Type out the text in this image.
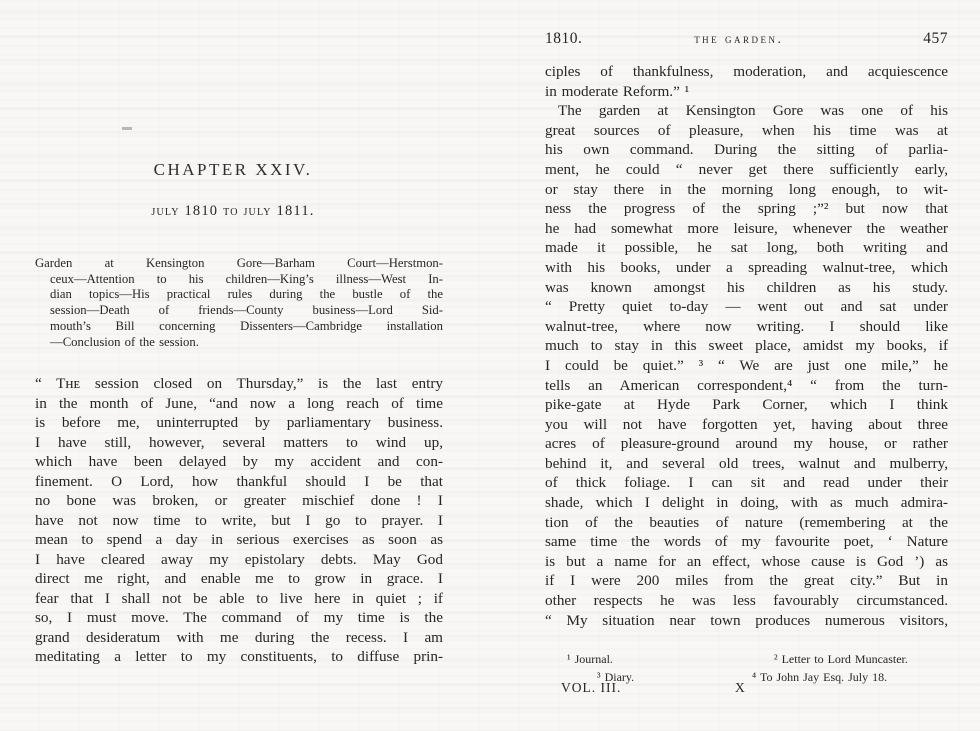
CHAPTER XXIV.
july 1810 to july 1811.
Garden at Kensington Gore—Barham Court—Herstmon-
ceux—Attention to his children—King’s illness—West In-
dian topics—His practical rules during the bustle of the
session—Death of friends—County business—Lord Sid-
mouth’s Bill concerning Dissenters—Cambridge installation
—Conclusion of the session.
“ Tʜᴇ session closed on Thursday,” is the last entry
in the month of June, “and now a long reach of time
is before me, uninterrupted by parliamentary business.
I have still, however, several matters to wind up,
which have been delayed by my accident and con-
finement. O Lord, how thankful should I be that
no bone was broken, or greater mischief done ! I
have not now time to write, but I go to prayer. I
mean to spend a day in serious exercises as soon as
I have cleared away my epistolary debts. May God
direct me right, and enable me to grow in grace. I
fear that I shall not be able to live here in quiet ; if
so, I must move. The command of my time is the
grand desideratum with me during the recess. I am
meditating a letter to my constituents, to diffuse prin-
1810.	the garden.	457
ciples of thankfulness, moderation, and acquiescence
in moderate Reform.” ¹
The garden at Kensington Gore was one of his
great sources of pleasure, when his time was at
his own command. During the sitting of parlia-
ment, he could “ never get there sufficiently early,
or stay there in the morning long enough, to wit-
ness the progress of the spring ;”² but now that
he had somewhat more leisure, whenever the weather
made it possible, he sat long, both writing and
with his books, under a spreading walnut-tree, which
was known amongst his children as his study.
“ Pretty quiet to-day — went out and sat under
walnut-tree, where now writing. I should like
much to stay in this sweet place, amidst my books, if
I could be quiet.” ³ “ We are just one mile,” he
tells an American correspondent,⁴ “ from the turn-
pike-gate at Hyde Park Corner, which I think
you will not have forgotten yet, having about three
acres of pleasure-ground around my house, or rather
behind it, and several old trees, walnut and mulberry,
of thick foliage. I can sit and read under their
shade, which I delight in doing, with as much admira-
tion of the beauties of nature (remembering at the
same time the words of my favourite poet, ‘ Nature
is but a name for an effect, whose cause is God ’) as
if I were 200 miles from the great city.” But in
other respects he was less favourably circumstanced.
“ My situation near town produces numerous visitors,
¹ Journal.
³ Diary.
² Letter to Lord Muncaster.
⁴ To John Jay Esq. July 18.
VOL. III.	X
